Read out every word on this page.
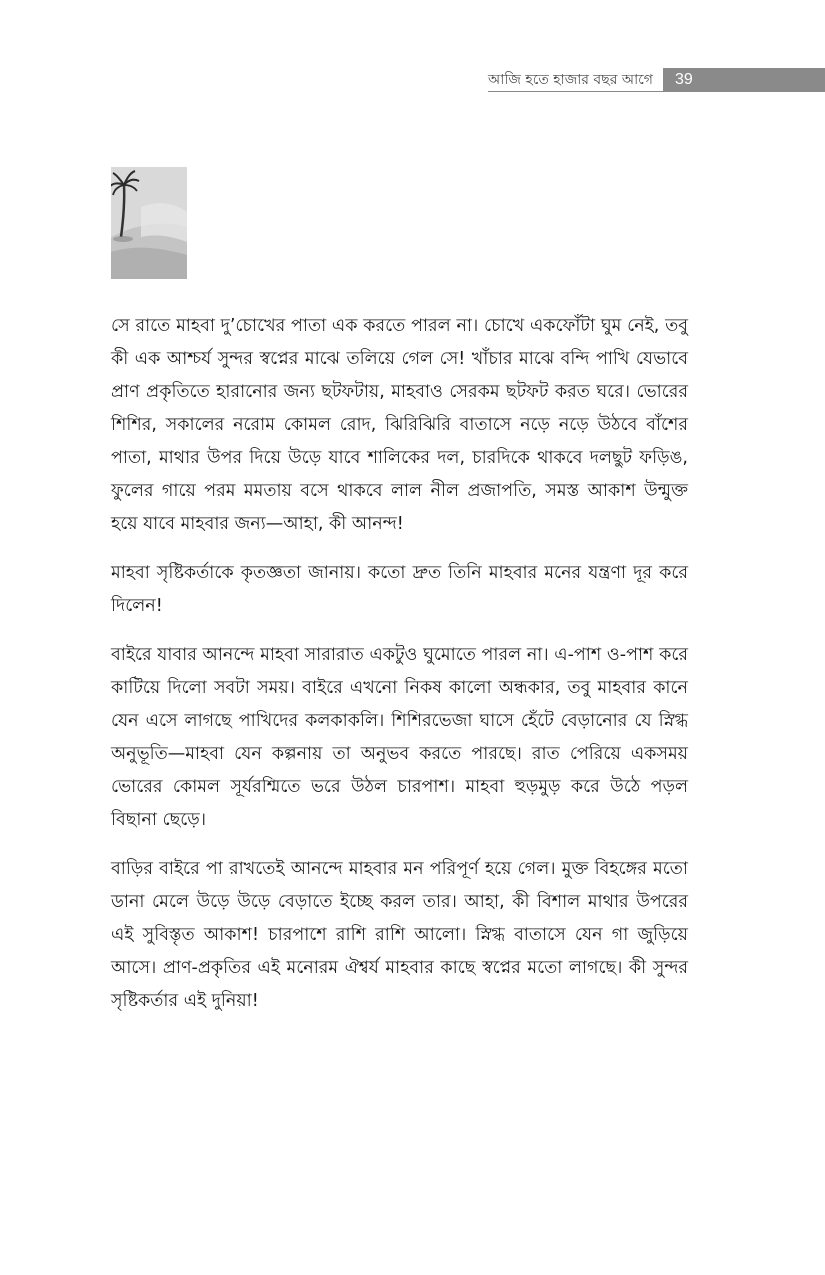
আজি হতে হাজার বছর আগে	39

সে রাতে মাহবা দু’চোখের পাতা এক করতে পারল না। চোখে একফোঁটা ঘুম নেই, তবু কী এক আশ্চর্য সুন্দর স্বপ্নের মাঝে তলিয়ে গেল সে! খাঁচার মাঝে বন্দি পাখি যেভাবে প্রাণ প্রকৃতিতে হারানোর জন্য ছটফটায়, মাহবাও সেরকম ছটফট করত ঘরে। ভোরের শিশির, সকালের নরোম কোমল রোদ, ঝিরিঝিরি বাতাসে নড়ে নড়ে উঠবে বাঁশের পাতা, মাথার উপর দিয়ে উড়ে যাবে শালিকের দল, চারদিকে থাকবে দলছুট ফড়িঙ, ফুলের গায়ে পরম মমতায় বসে থাকবে লাল নীল প্রজাপতি, সমস্ত আকাশ উন্মুক্ত হয়ে যাবে মাহবার জন্য—আহা, কী আনন্দ!

মাহবা সৃষ্টিকর্তাকে কৃতজ্ঞতা জানায়। কতো দ্রুত তিনি মাহবার মনের যন্ত্রণা দূর করে দিলেন!

বাইরে যাবার আনন্দে মাহবা সারারাত একটুও ঘুমোতে পারল না। এ-পাশ ও-পাশ করে কাটিয়ে দিলো সবটা সময়। বাইরে এখনো নিকষ কালো অন্ধকার, তবু মাহবার কানে যেন এসে লাগছে পাখিদের কলকাকলি। শিশিরভেজা ঘাসে হেঁটে বেড়ানোর যে স্নিগ্ধ অনুভূতি—মাহবা যেন কল্পনায় তা অনুভব করতে পারছে। রাত পেরিয়ে একসময় ভোরের কোমল সূর্যরশ্মিতে ভরে উঠল চারপাশ। মাহবা হুড়মুড় করে উঠে পড়ল বিছানা ছেড়ে।

বাড়ির বাইরে পা রাখতেই আনন্দে মাহবার মন পরিপূর্ণ হয়ে গেল। মুক্ত বিহঙ্গের মতো ডানা মেলে উড়ে উড়ে বেড়াতে ইচ্ছে করল তার। আহা, কী বিশাল মাথার উপরের এই সুবিস্তৃত আকাশ! চারপাশে রাশি রাশি আলো। স্নিগ্ধ বাতাসে যেন গা জুড়িয়ে আসে। প্রাণ-প্রকৃতির এই মনোরম ঐশ্বর্য মাহবার কাছে স্বপ্নের মতো লাগছে। কী সুন্দর সৃষ্টিকর্তার এই দুনিয়া!
